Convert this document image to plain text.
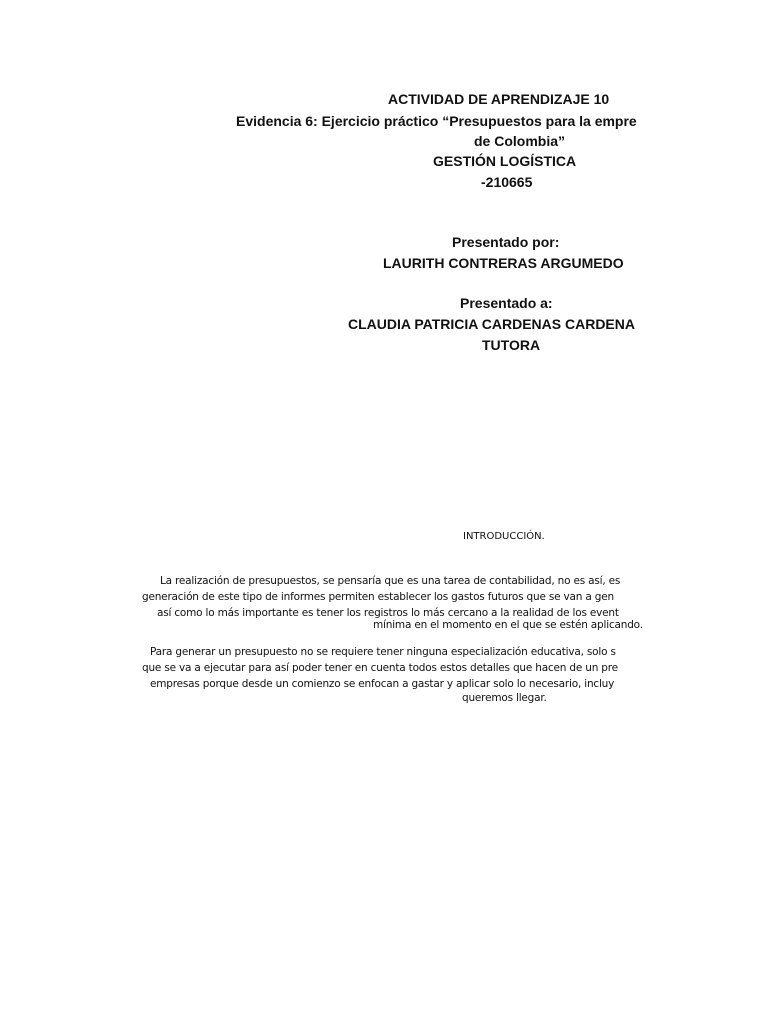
ACTIVIDAD DE APRENDIZAJE 10
Evidencia 6: Ejercicio práctico “Presupuestos para la empre
de Colombia”
GESTIÓN LOGÍSTICA
-210665
Presentado por:
LAURITH CONTRERAS ARGUMEDO
Presentado a:
CLAUDIA PATRICIA CARDENAS CARDENA
TUTORA
INTRODUCCIÓN.
La realización de presupuestos, se pensaría que es una tarea de contabilidad, no es así, es
generación de este tipo de informes permiten establecer los gastos futuros que se van a gen
así como lo más importante es tener los registros lo más cercano a la realidad de los event
mínima en el momento en el que se estén aplicando.
Para generar un presupuesto no se requiere tener ninguna especialización educativa, solo s
que se va a ejecutar para así poder tener en cuenta todos estos detalles que hacen de un pre
empresas porque desde un comienzo se enfocan a gastar y aplicar solo lo necesario, incluy
queremos llegar.
